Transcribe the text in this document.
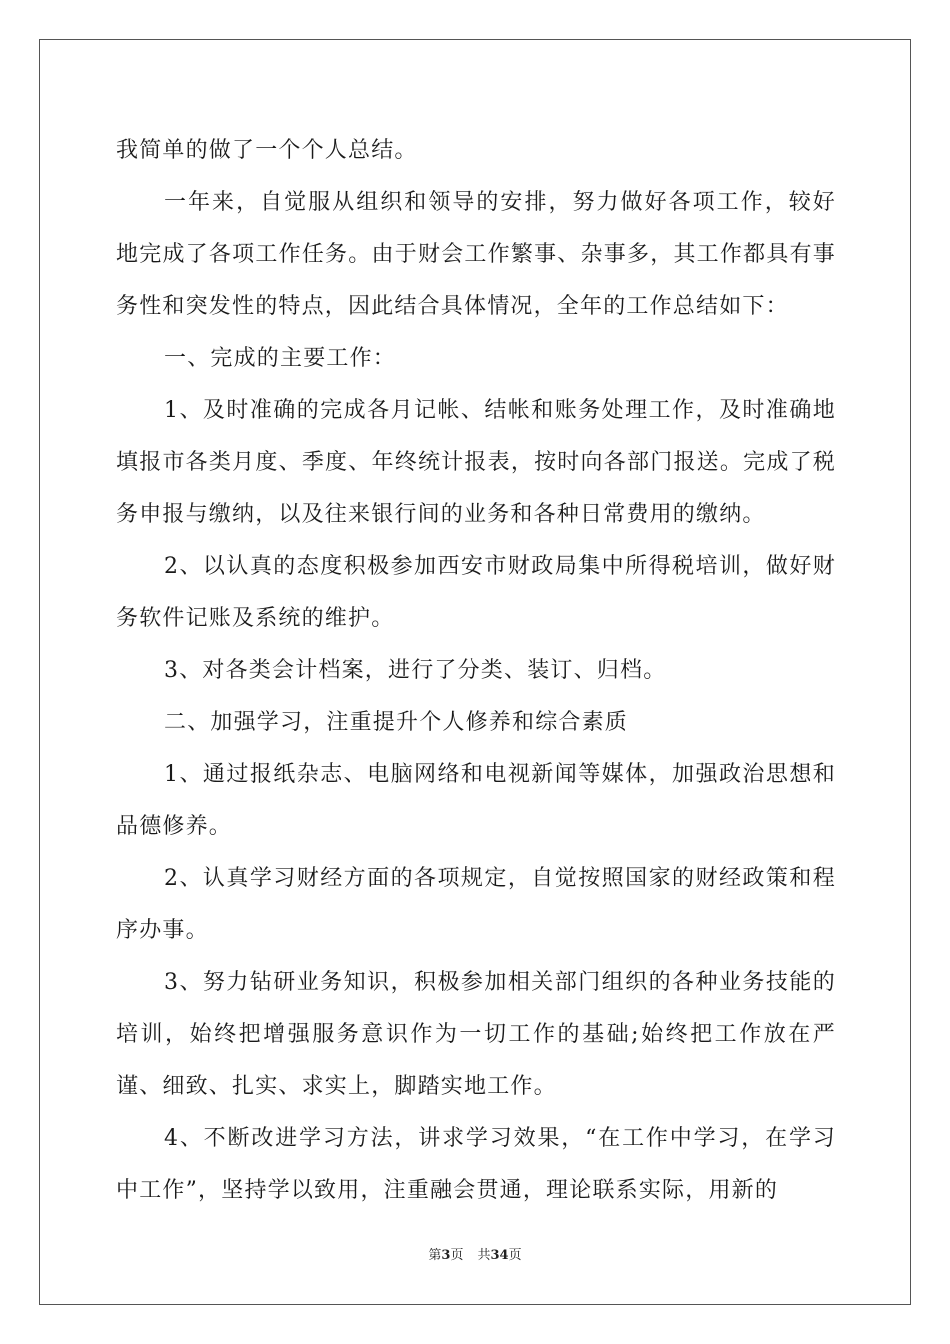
我简单的做了一个个人总结。

一年来，自觉服从组织和领导的安排，努力做好各项工作，较好地完成了各项工作任务。由于财会工作繁事、杂事多，其工作都具有事务性和突发性的特点，因此结合具体情况，全年的工作总结如下：

一、完成的主要工作：

1、及时准确的完成各月记帐、结帐和账务处理工作，及时准确地填报市各类月度、季度、年终统计报表，按时向各部门报送。完成了税务申报与缴纳，以及往来银行间的业务和各种日常费用的缴纳。

2、以认真的态度积极参加西安市财政局集中所得税培训，做好财务软件记账及系统的维护。

3、对各类会计档案，进行了分类、装订、归档。

二、加强学习，注重提升个人修养和综合素质

1、通过报纸杂志、电脑网络和电视新闻等媒体，加强政治思想和品德修养。

2、认真学习财经方面的各项规定，自觉按照国家的财经政策和程序办事。

3、努力钻研业务知识，积极参加相关部门组织的各种业务技能的培训，始终把增强服务意识作为一切工作的基础;始终把工作放在严谨、细致、扎实、求实上，脚踏实地工作。

4、不断改进学习方法，讲求学习效果，“在工作中学习，在学习中工作”，坚持学以致用，注重融会贯通，理论联系实际，用新的

第3页 共34页
